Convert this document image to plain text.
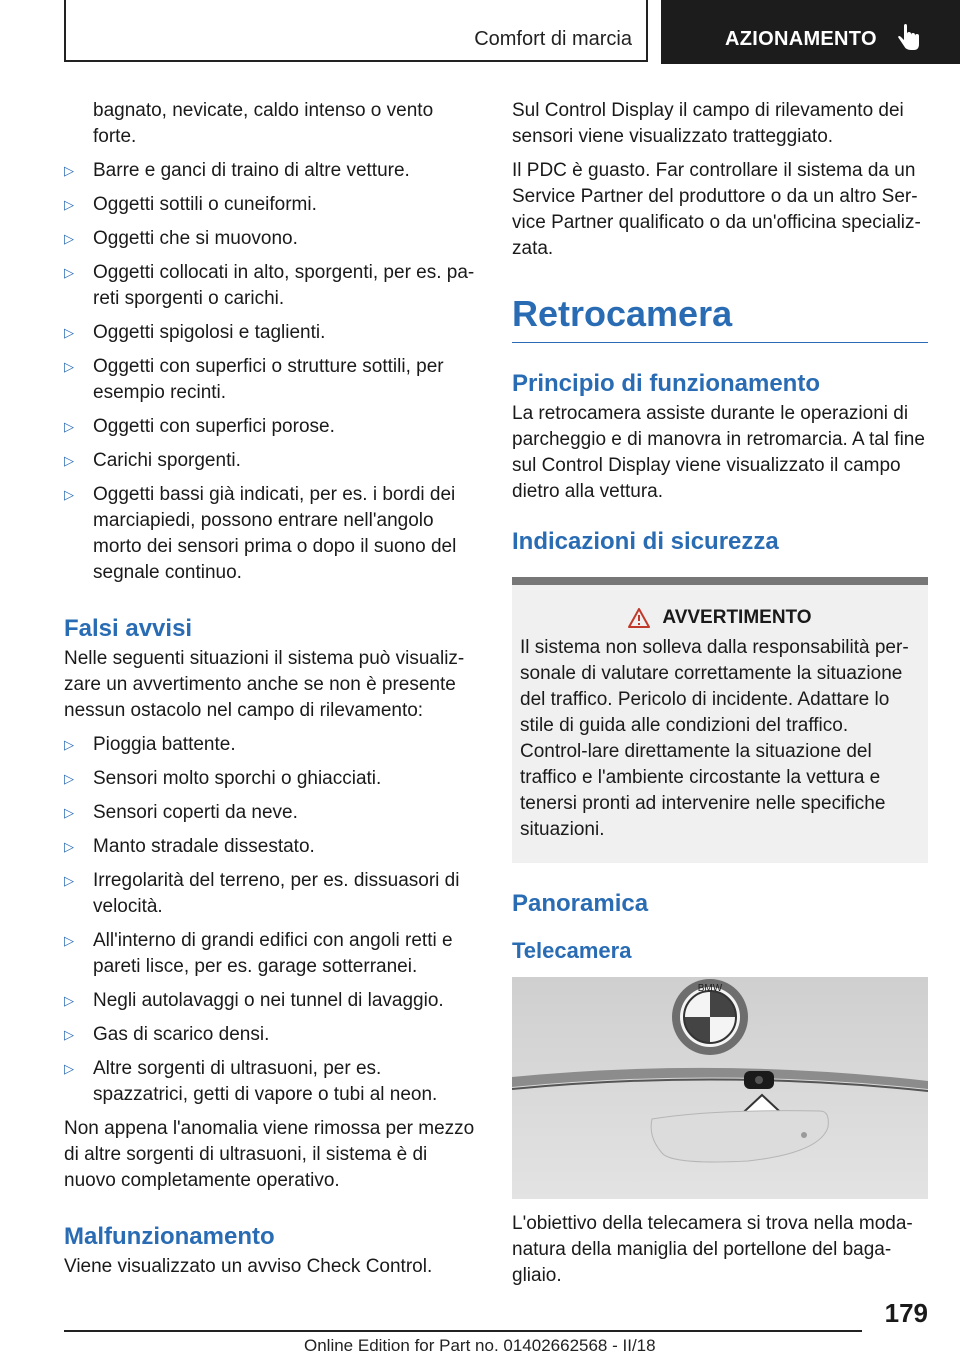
Comfort di marcia	AZIONAMENTO

bagnato, nevicate, caldo intenso o vento forte.

▷	Barre e ganci di traino di altre vetture.
▷	Oggetti sottili o cuneiformi.
▷	Oggetti che si muovono.
▷	Oggetti collocati in alto, sporgenti, per es. pa‐reti sporgenti o carichi.
▷	Oggetti spigolosi e taglienti.
▷	Oggetti con superfici o strutture sottili, per esempio recinti.
▷	Oggetti con superfici porose.
▷	Carichi sporgenti.
▷	Oggetti bassi già indicati, per es. i bordi dei marciapiedi, possono entrare nell'angolo morto dei sensori prima o dopo il suono del segnale continuo.
Falsi avvisi

Nelle seguenti situazioni il sistema può visualiz‐zare un avvertimento anche se non è presente nessun ostacolo nel campo di rilevamento:

▷	Pioggia battente.
▷	Sensori molto sporchi o ghiacciati.
▷	Sensori coperti da neve.
▷	Manto stradale dissestato.
▷	Irregolarità del terreno, per es. dissuasori di velocità.
▷	All'interno di grandi edifici con angoli retti e pareti lisce, per es. garage sotterranei.
▷	Negli autolavaggi o nei tunnel di lavaggio.
▷	Gas di scarico densi.
▷	Altre sorgenti di ultrasuoni, per es. spazzatrici, getti di vapore o tubi al neon.

Non appena l'anomalia viene rimossa per mezzo di altre sorgenti di ultrasuoni, il sistema è di nuovo completamente operativo.

Malfunzionamento

Viene visualizzato un avviso Check Control.

Sul Control Display il campo di rilevamento dei sensori viene visualizzato tratteggiato.

Il PDC è guasto. Far controllare il sistema da un Service Partner del produttore o da un altro Ser‐vice Partner qualificato o da un'officina specializ‐zata.

Retrocamera
Principio di funzionamento

La retrocamera assiste durante le operazioni di parcheggio e di manovra in retromarcia. A tal fine sul Control Display viene visualizzato il campo dietro alla vettura.

Indicazioni di sicurezza
AVVERTIMENTO

Il sistema non solleva dalla responsabilità per‐sonale di valutare correttamente la situazione del traffico. Pericolo di incidente. Adattare lo stile di guida alle condizioni del traffico. Control‐lare direttamente la situazione del traffico e l'ambiente circostante la vettura e tenersi pronti ad intervenire nelle specifiche situazioni.

Panoramica
Telecamera
BMW

L'obiettivo della telecamera si trova nella moda‐natura della maniglia del portellone del baga‐gliaio.

179
Online Edition for Part no. 01402662568 - II/18
